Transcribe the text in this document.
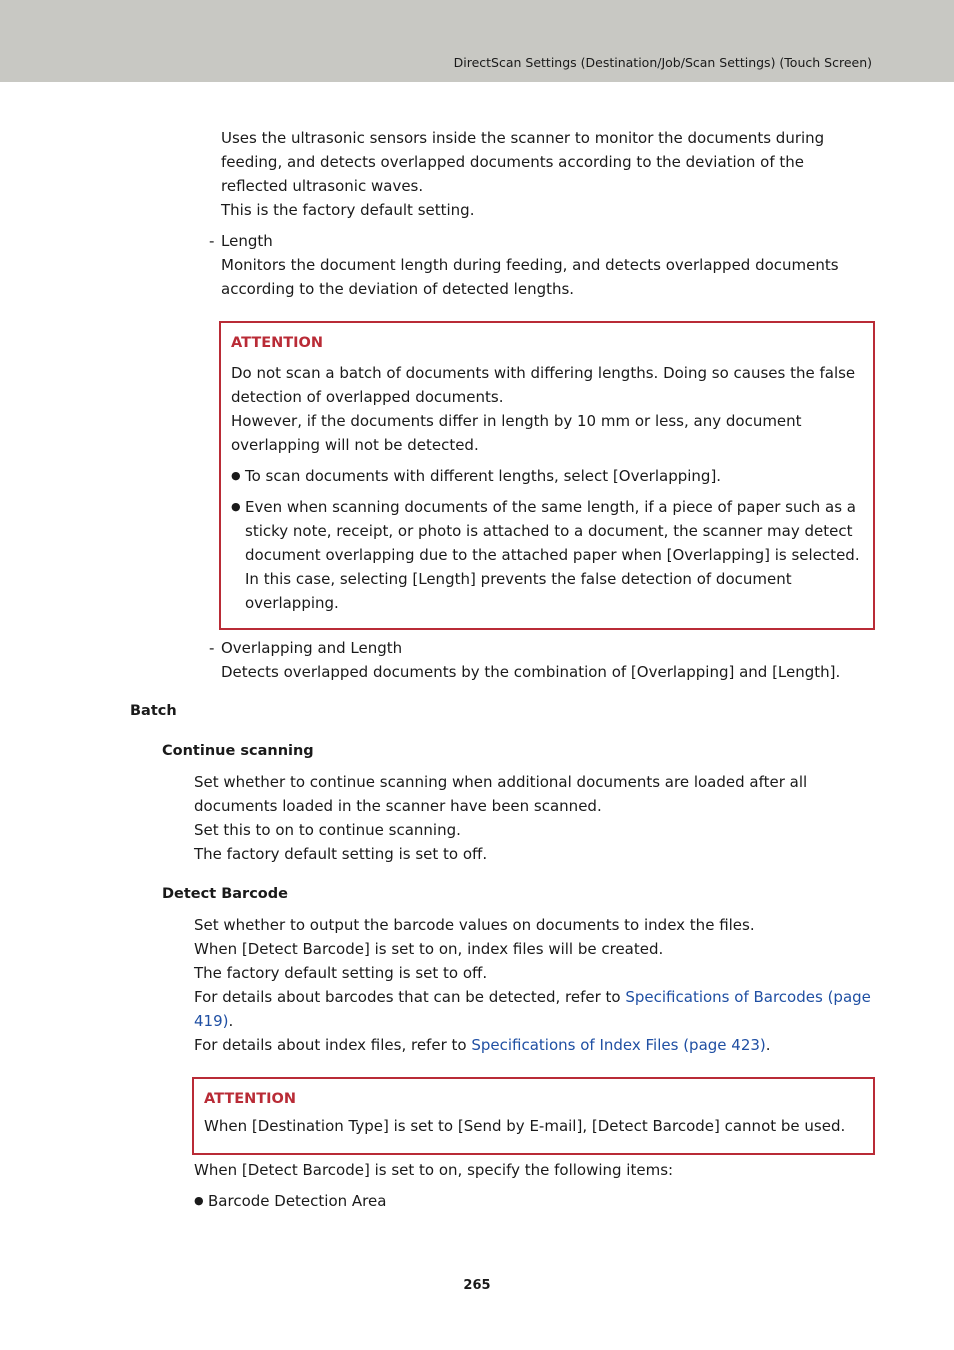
DirectScan Settings (Destination/Job/Scan Settings) (Touch Screen)

Uses the ultrasonic sensors inside the scanner to monitor the documents during

feeding, and detects overlapped documents according to the deviation of the

reflected ultrasonic waves.

This is the factory default setting.

- Length

Monitors the document length during feeding, and detects overlapped documents

according to the deviation of detected lengths.

ATTENTION

Do not scan a batch of documents with differing lengths. Doing so causes the false

detection of overlapped documents.

However, if the documents differ in length by 10 mm or less, any document

overlapping will not be detected.

● To scan documents with different lengths, select [Overlapping].

● Even when scanning documents of the same length, if a piece of paper such as a

sticky note, receipt, or photo is attached to a document, the scanner may detect

document overlapping due to the attached paper when [Overlapping] is selected.

In this case, selecting [Length] prevents the false detection of document

overlapping.

- Overlapping and Length

Detects overlapped documents by the combination of [Overlapping] and [Length].

Batch
Continue scanning

Set whether to continue scanning when additional documents are loaded after all

documents loaded in the scanner have been scanned.

Set this to on to continue scanning.

The factory default setting is set to off.

Detect Barcode

Set whether to output the barcode values on documents to index the files.

When [Detect Barcode] is set to on, index files will be created.

The factory default setting is set to off.

For details about barcodes that can be detected, refer to Specifications of Barcodes (page

419).

For details about index files, refer to Specifications of Index Files (page 423).

ATTENTION

When [Destination Type] is set to [Send by E-mail], [Detect Barcode] cannot be used.

When [Detect Barcode] is set to on, specify the following items:

● Barcode Detection Area

265
